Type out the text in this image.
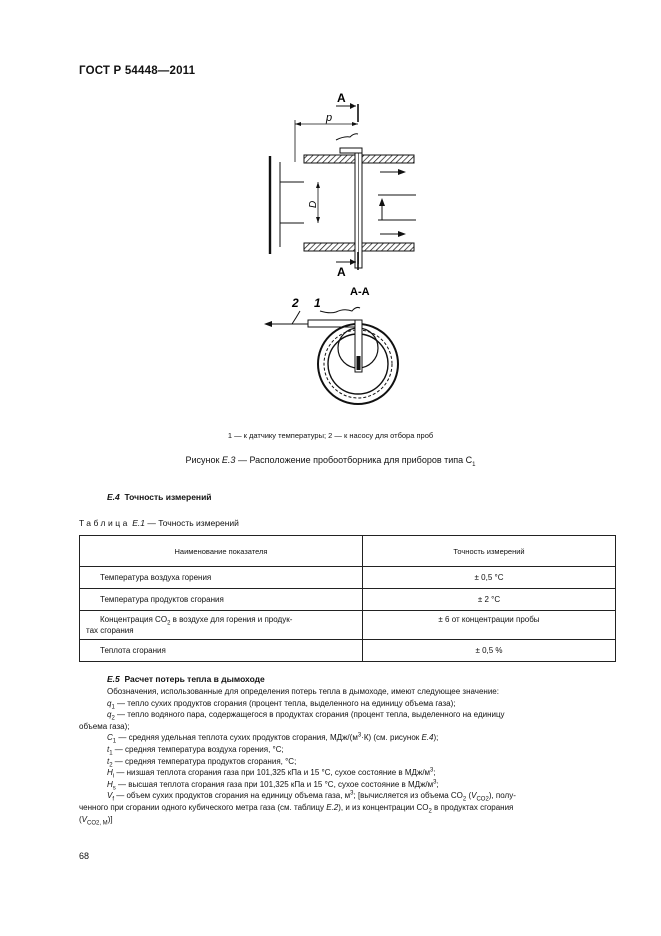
ГОСТ Р 54448—2011
A
p
D
A
А-А
2 1
1 — к датчику температуры; 2 — к насосу для отбора проб
Рисунок Е.3 — Расположение пробоотборника для приборов типа $С_1$
Е.4 Точность измерений
Таблица Е.1 — Точность измерений
Наименование показателя	Точность измерений
Температура воздуха горения	± 0,5 °С
Температура продуктов сгорания	± 2 °С
Концентрация $CO_2$ в воздухе для горения и продук-
тах сгорания	± 6 от концентрации пробы
Теплота сгорания	± 0,5 %
Е.5 Расчет потерь тепла в дымоходе

Обозначения, использованные для определения потерь тепла в дымоходе, имеют следующее значение:

$q_1$ — тепло сухих продуктов сгорания (процент тепла, выделенного на единицу объема газа);

$q_2$ — тепло водяного пара, содержащегося в продуктах сгорания (процент тепла, выделенного на единицу

объема газа);

$C_1$ — средняя удельная теплота сухих продуктов сгорания, МДж/$(м^3\cdot К)$ (см. рисунок Е.4);

$t_1$ — средняя температура воздуха горения, °С;

$t_2$ — средняя температура продуктов сгорания, °С;

$H_i$ — низшая теплота сгорания газа при 101,325 кПа и 15 °С, сухое состояние в МДж/$м^3$;

$H_s$ — высшая теплота сгорания газа при 101,325 кПа и 15 °С, сухое состояние в МДж/$м^3$;

$V_f$ — объем сухих продуктов сгорания на единицу объема газа, $м^3$; [вычисляется из объема $CO_2$ $(V_{CO2})$, полу-

ченного при сгорании одного кубического метра газа (см. таблицу Е.2), и из концентрации $CO_2$ в продуктах сгорания

$(V_{CO2, M})$]

68
